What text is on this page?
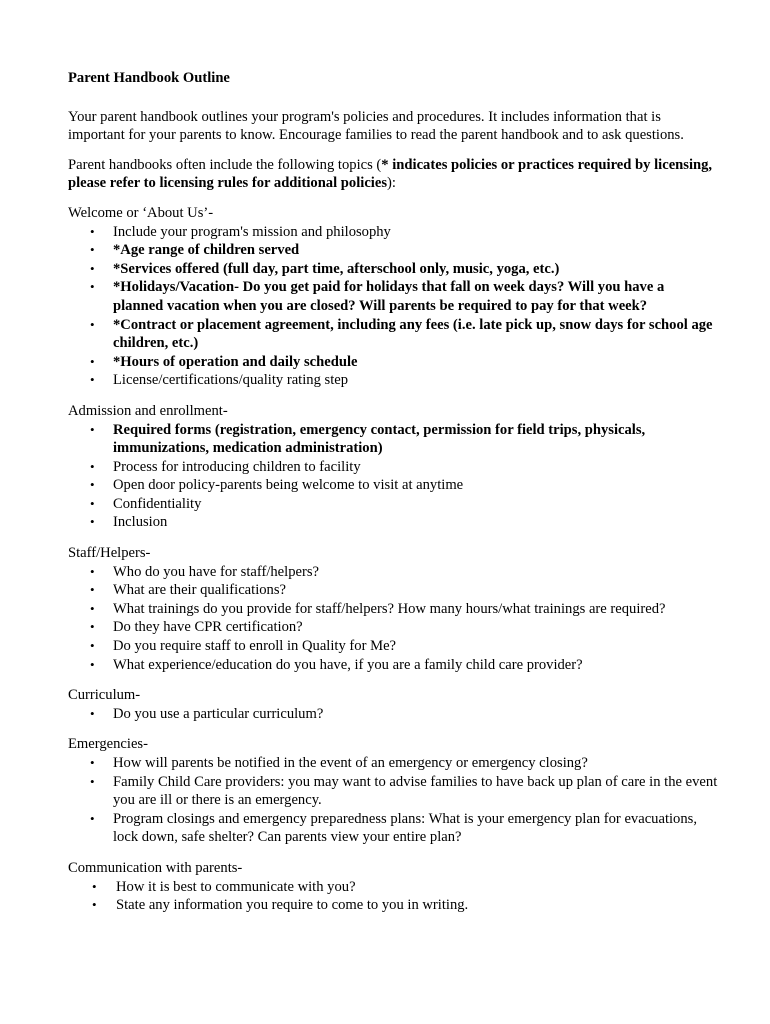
Parent Handbook Outline

Your parent handbook outlines your program's policies and procedures. It includes information that is important for your parents to know. Encourage families to read the parent handbook and to ask questions.

Parent handbooks often include the following topics (* indicates policies or practices required by licensing, please refer to licensing rules for additional policies):

Welcome or ‘About Us’-

• Include your program's mission and philosophy
• *Age range of children served
• *Services offered (full day, part time, afterschool only, music, yoga, etc.)
• *Holidays/Vacation- Do you get paid for holidays that fall on week days? Will you have a planned vacation when you are closed? Will parents be required to pay for that week?
• *Contract or placement agreement, including any fees (i.e. late pick up, snow days for school age children, etc.)
• *Hours of operation and daily schedule
• License/certifications/quality rating step

Admission and enrollment-

• Required forms (registration, emergency contact, permission for field trips, physicals, immunizations, medication administration)
• Process for introducing children to facility
• Open door policy-parents being welcome to visit at anytime
• Confidentiality
• Inclusion

Staff/Helpers-

• Who do you have for staff/helpers?
• What are their qualifications?
• What trainings do you provide for staff/helpers? How many hours/what trainings are required?
• Do they have CPR certification?
• Do you require staff to enroll in Quality for Me?
• What experience/education do you have, if you are a family child care provider?

Curriculum-

• Do you use a particular curriculum?

Emergencies-

• How will parents be notified in the event of an emergency or emergency closing?
• Family Child Care providers: you may want to advise families to have back up plan of care in the event you are ill or there is an emergency.
• Program closings and emergency preparedness plans: What is your emergency plan for evacuations, lock down, safe shelter? Can parents view your entire plan?

Communication with parents-

• How it is best to communicate with you?
• State any information you require to come to you in writing.
